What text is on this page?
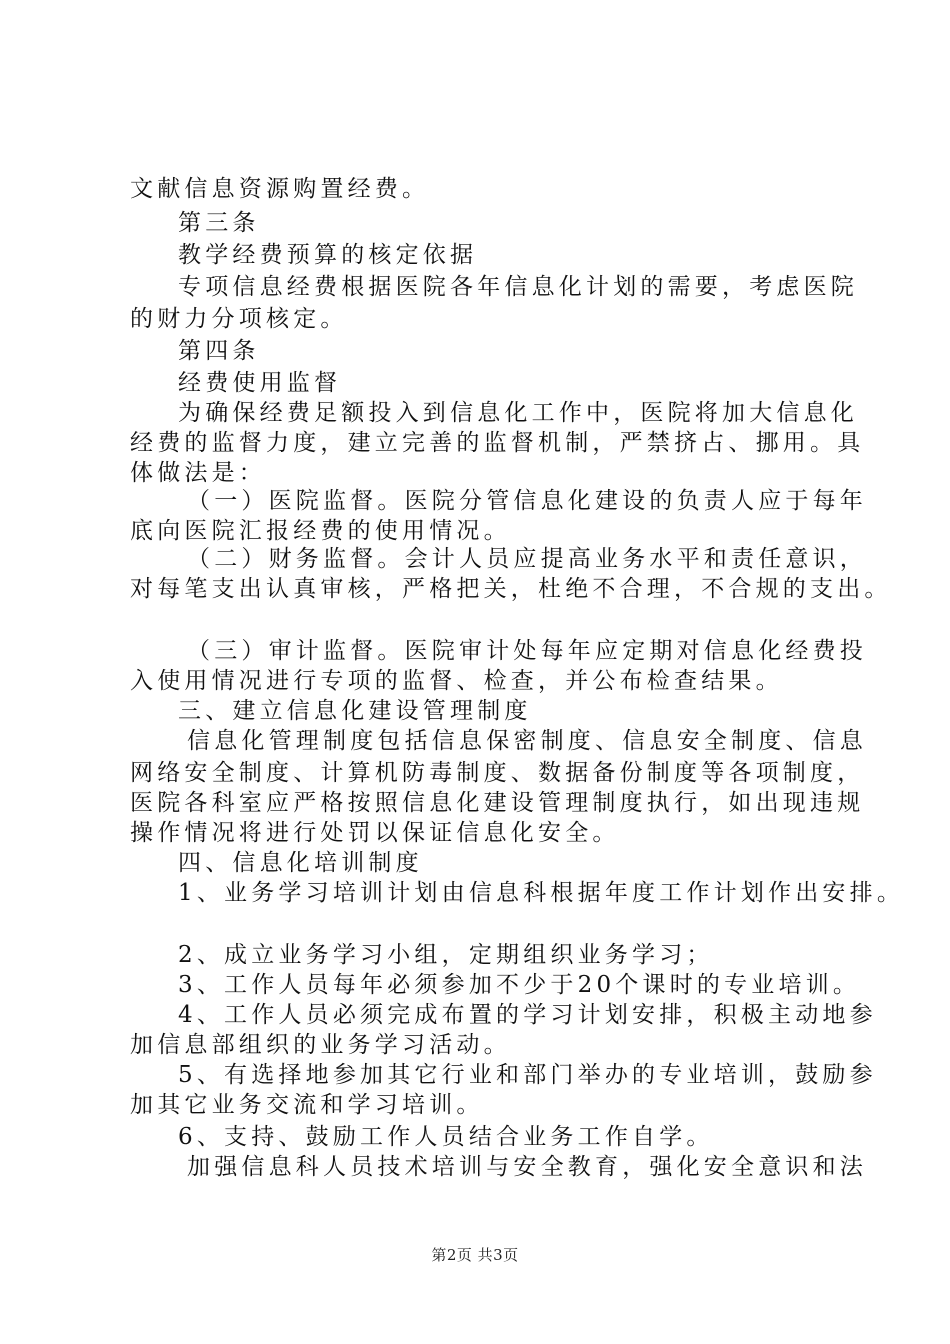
文献信息资源购置经费。
第三条
教学经费预算的核定依据
专项信息经费根据医院各年信息化计划的需要，考虑医院
的财力分项核定。
第四条
经费使用监督
为确保经费足额投入到信息化工作中，医院将加大信息化
经费的监督力度，建立完善的监督机制，严禁挤占、挪用。具
体做法是：
（一）医院监督。医院分管信息化建设的负责人应于每年
底向医院汇报经费的使用情况。
（二）财务监督。会计人员应提高业务水平和责任意识，
对每笔支出认真审核，严格把关，杜绝不合理，不合规的支出。
（三）审计监督。医院审计处每年应定期对信息化经费投
入使用情况进行专项的监督、检查，并公布检查结果。
三、建立信息化建设管理制度
信息化管理制度包括信息保密制度、信息安全制度、信息
网络安全制度、计算机防毒制度、数据备份制度等各项制度，
医院各科室应严格按照信息化建设管理制度执行，如出现违规
操作情况将进行处罚以保证信息化安全。
四、信息化培训制度
1、业务学习培训计划由信息科根据年度工作计划作出安排。
2、成立业务学习小组，定期组织业务学习；
3、工作人员每年必须参加不少于20个课时的专业培训。
4、工作人员必须完成布置的学习计划安排，积极主动地参
加信息部组织的业务学习活动。
5、有选择地参加其它行业和部门举办的专业培训，鼓励参
加其它业务交流和学习培训。
6、支持、鼓励工作人员结合业务工作自学。
加强信息科人员技术培训与安全教育，强化安全意识和法
第2页 共3页
